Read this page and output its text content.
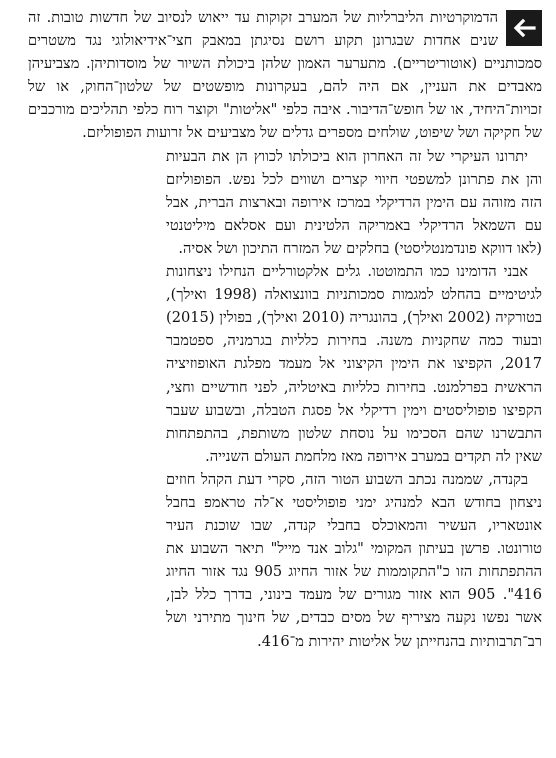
הדמוקרטיות הליברליות של המערב זקוקות עד ייאוש לנסיוב של חדשות טובות. זה שנים אחדות שבגרונן תקוע רושם נסיגתן במאבק חצי־אידיאולוגי נגד משטרים סמכותניים (אוטוריטריים). מתערער האמון שלהן ביכולת השיור של מוסדותיהן. מצביעיהן מאבדים את העניין, אם היה להם, בעקרונות מופשטים של שלטון־החוק, או של זכויות־היחיד, או של חופש־הדיבור. איבה כלפי "אליטות" וקוצר רוח כלפי תהליכים מורכבים של חקיקה ושל שיפוט, שולחים מספרים גדלים של מצביעים אל זרועות הפופוליזם.

יתרונו העיקרי של זה האחרון הוא ביכולתו לכווץ הן את הבעיות והן את פתרונן למשפטי חיווי קצרים ושווים לכל נפש. הפופוליזם הזה מזוהה עם הימין הרדיקלי במרכז אירופה ובארצות הברית, אבל עם השמאל הרדיקלי באמריקה הלטינית ועם אסלאם מיליטנטי (לאו דווקא פונדמנטליסטי) בחלקים של המזרח התיכון ושל אסיה.

אבני הדומינו כמו התמוטטו. גלים אלקטורליים הנחילו ניצחונות לגיטימיים בהחלט למגמות סמכותניות בוונצואלה (1998 ואילך), בטורקיה (2002 ואילך), בהונגריה (2010 ואילך), בפולין (2015) ובעוד כמה שחקניות משנה. בחירות כלליות בגרמניה, ספטמבר 2017, הקפיצו את הימין הקיצוני אל מעמד מפלגת האופוזיציה הראשית בפרלמנט. בחירות כלליות באיטליה, לפני חודשיים וחצי, הקפיצו פופוליסטים וימין רדיקלי אל פסגת הטבלה, ובשבוע שעבר התבשרנו שהם הסכימו על נוסחת שלטון משותפת, בהתפתחות שאין לה תקדים במערב אירופה מאז מלחמת העולם השנייה.

בקנדה, שממנה נכתב השבוע הטור הזה, סקרי דעת הקהל חוזים ניצחון בחודש הבא למנהיג ימני פופוליסטי א־לה טראמפ בחבל אונטאריו, העשיר והמאוכלס בחבלי קנדה, שבו שוכנת העיר טורונטו. פרשן בעיתון המקומי "גלוב אנד מייל" תיאר השבוע את ההתפתחות הזו כ"התקוממות של אזור החיוג 905 נגד אזור החיוג 416". 905 הוא אזור מגורים של מעמד בינוני, בדרך כלל לבן, אשר נפשו נקעה מציריף של מסים כבדים, של חינוך מתירני ושל רב־תרבותיות בהנחייתן של אליטות יהירות מ־416.
